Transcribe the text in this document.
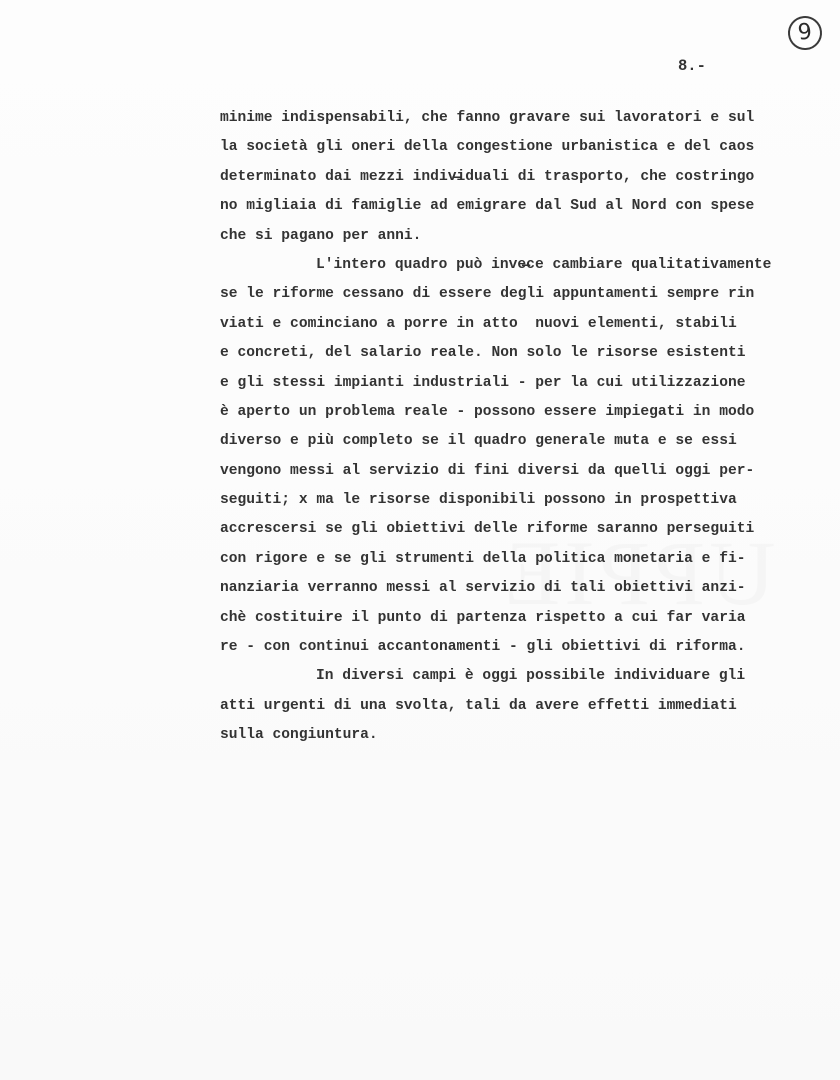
9
8.-
minime indispensabili, che fanno gravare sui lavoratori e sul
la società gli oneri della congestione urbanistica e del caos
determinato dai mezzi indiv̶iduali di trasporto, che costringo
no migliaia di famiglie ad emigrare dal Sud al Nord con spese
che si pagano per anni.
L'intero quadro può inve̶ce cambiare qualitativamente
se le riforme cessano di essere degli appuntamenti sempre rin
viati e cominciano a porre in atto  nuovi elementi, stabili
e concreti, del salario reale. Non solo le risorse esistenti
e gli stessi impianti industriali - per la cui utilizzazione
è aperto un problema reale - possono essere impiegati in modo
diverso e più completo se il quadro generale muta e se essi
vengono messi al servizio di fini diversi da quelli oggi per-
seguiti; x ma le risorse disponibili possono in prospettiva
accrescersi se gli obiettivi delle riforme saranno perseguiti
con rigore e se gli strumenti della politica monetaria e fi-
nanziaria verranno messi al servizio di tali obiettivi anzi-
chè costituire il punto di partenza rispetto a cui far varia
re - con continui accantonamenti - gli obiettivi di riforma.
In diversi campi è oggi possibile individuare gli
atti urgenti di una svolta, tali da avere effetti immediati
sulla congiuntura.
